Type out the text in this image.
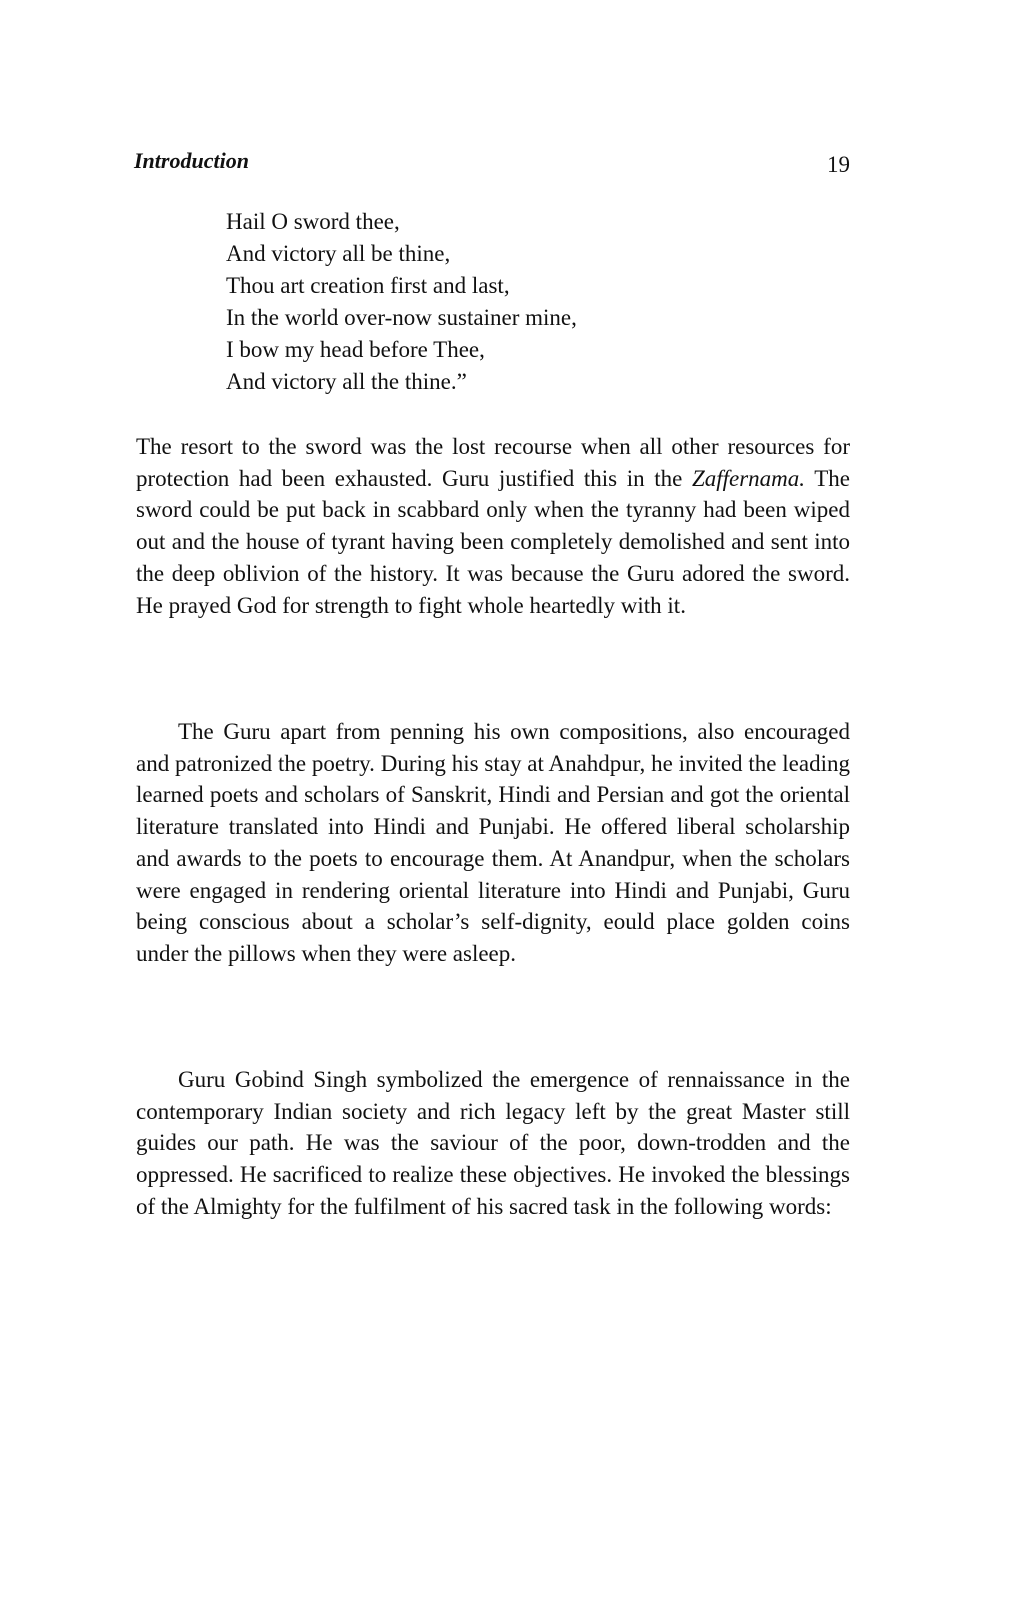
Introduction	19
Hail O sword thee,
And victory all be thine,
Thou art creation first and last,
In the world over-now sustainer mine,
I bow my head before Thee,
And victory all the thine.”

The resort to the sword was the lost recourse when all other resources for protection had been exhausted. Guru justified this in the Zaffernama. The sword could be put back in scabbard only when the tyranny had been wiped out and the house of tyrant having been completely demolished and sent into the deep oblivion of the history. It was because the Guru adored the sword. He prayed God for strength to fight whole heartedly with it.

The Guru apart from penning his own compositions, also encouraged and patronized the poetry. During his stay at Anahdpur, he invited the leading learned poets and scholars of Sanskrit, Hindi and Persian and got the oriental literature translated into Hindi and Punjabi. He offered liberal scholarship and awards to the poets to encourage them. At Anandpur, when the scholars were engaged in rendering oriental literature into Hindi and Punjabi, Guru being conscious about a scholar’s self-dignity, eould place golden coins under the pillows when they were asleep.

Guru Gobind Singh symbolized the emergence of rennaissance in the contemporary Indian society and rich legacy left by the great Master still guides our path. He was the saviour of the poor, down-trodden and the oppressed. He sacrificed to realize these objectives. He invoked the blessings of the Almighty for the fulfilment of his sacred task in the following words:
